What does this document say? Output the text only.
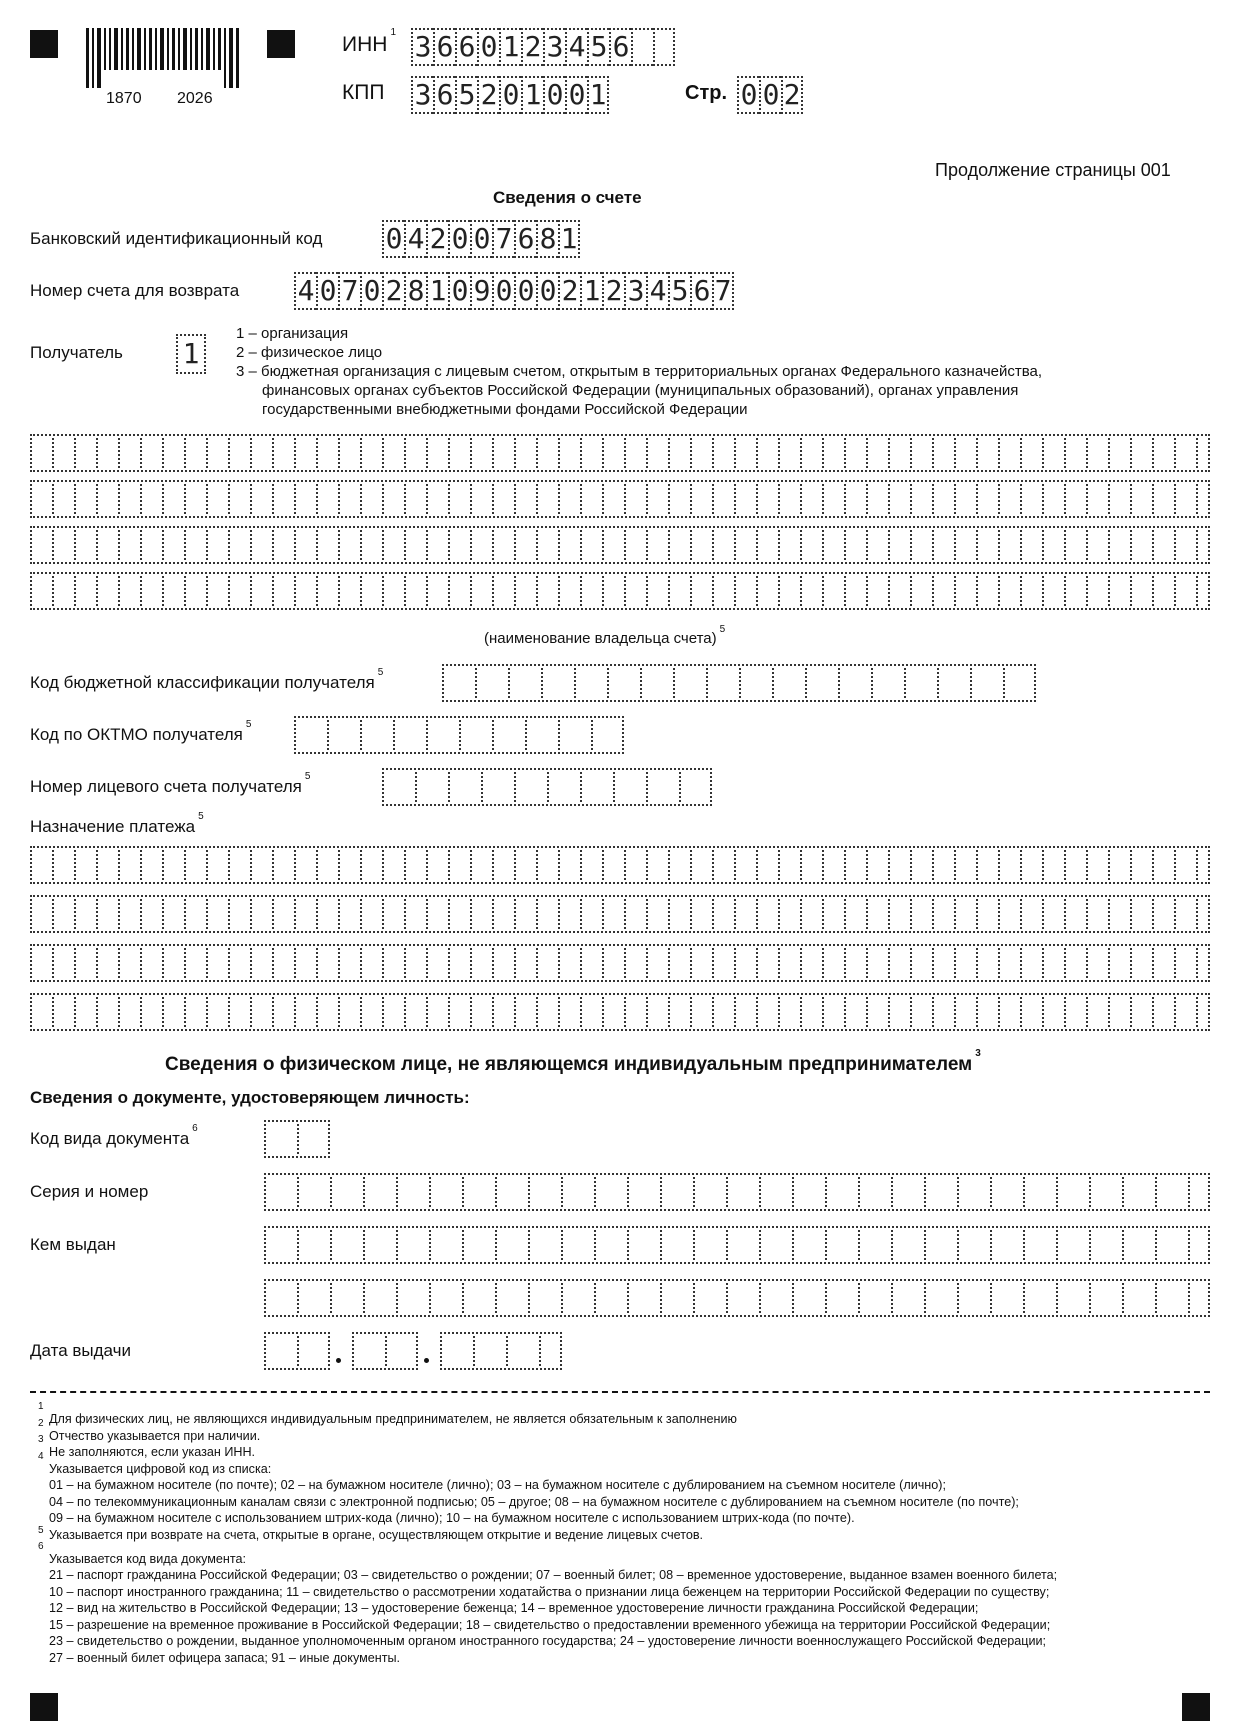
1870 2026
ИНН$^1$ 3 6 6 0 1 2 3 4 5 6
КПП 3 6 5 2 0 1 0 0 1	Стр. 0 0 2
Продолжение страницы 001
Сведения о счете
Банковский идентификационный код 0 4 2 0 0 7 6 8 1
Номер счета для возврата 4 0 7 0 2 8 1 0 9 0 0 0 2 1 2 3 4 5 6 7
Получатель 1
1 – организация
2 – физическое лицо
3 – бюджетная организация с лицевым счетом, открытым в территориальных органах Федерального казначейства,
финансовых органах субъектов Российской Федерации (муниципальных образований), органах управления
государственными внебюджетными фондами Российской Федерации
(наименование владельца счета)$^5$
Код бюджетной классификации получателя$^5$
Код по ОКТМО получателя$^5$
Номер лицевого счета получателя$^5$
Назначение платежа$^5$
Сведения о физическом лице, не являющемся индивидуальным предпринимателем$^3$
Сведения о документе, удостоверяющем личность:
Код вида документа$^6$
Серия и номер
Кем выдан
Дата выдачи
1
2
3
4
5
6
Для физических лиц, не являющихся индивидуальным предпринимателем, не является обязательным к заполнению
Отчество указывается при наличии.
Не заполняются, если указан ИНН.
Указывается цифровой код из списка:
01 – на бумажном носителе (по почте); 02 – на бумажном носителе (лично); 03 – на бумажном носителе с дублированием на съемном носителе (лично);
04 – по телекоммуникационным каналам связи с электронной подписью; 05 – другое; 08 – на бумажном носителе с дублированием на съемном носителе (по почте);
09 – на бумажном носителе с использованием штрих-кода (лично); 10 – на бумажном носителе с использованием штрих-кода (по почте).
Указывается при возврате на счета, открытые в органе, осуществляющем открытие и ведение лицевых счетов.
Указывается код вида документа:
21 – паспорт гражданина Российской Федерации; 03 – свидетельство о рождении; 07 – военный билет; 08 – временное удостоверение, выданное взамен военного билета;
10 – паспорт иностранного гражданина; 11 – свидетельство о рассмотрении ходатайства о признании лица беженцем на территории Российской Федерации по существу;
12 – вид на жительство в Российской Федерации; 13 – удостоверение беженца; 14 – временное удостоверение личности гражданина Российской Федерации;
15 – разрешение на временное проживание в Российской Федерации; 18 – свидетельство о предоставлении временного убежища на территории Российской Федерации;
23 – свидетельство о рождении, выданное уполномоченным органом иностранного государства; 24 – удостоверение личности военнослужащего Российской Федерации;
27 – военный билет офицера запаса; 91 – иные документы.
